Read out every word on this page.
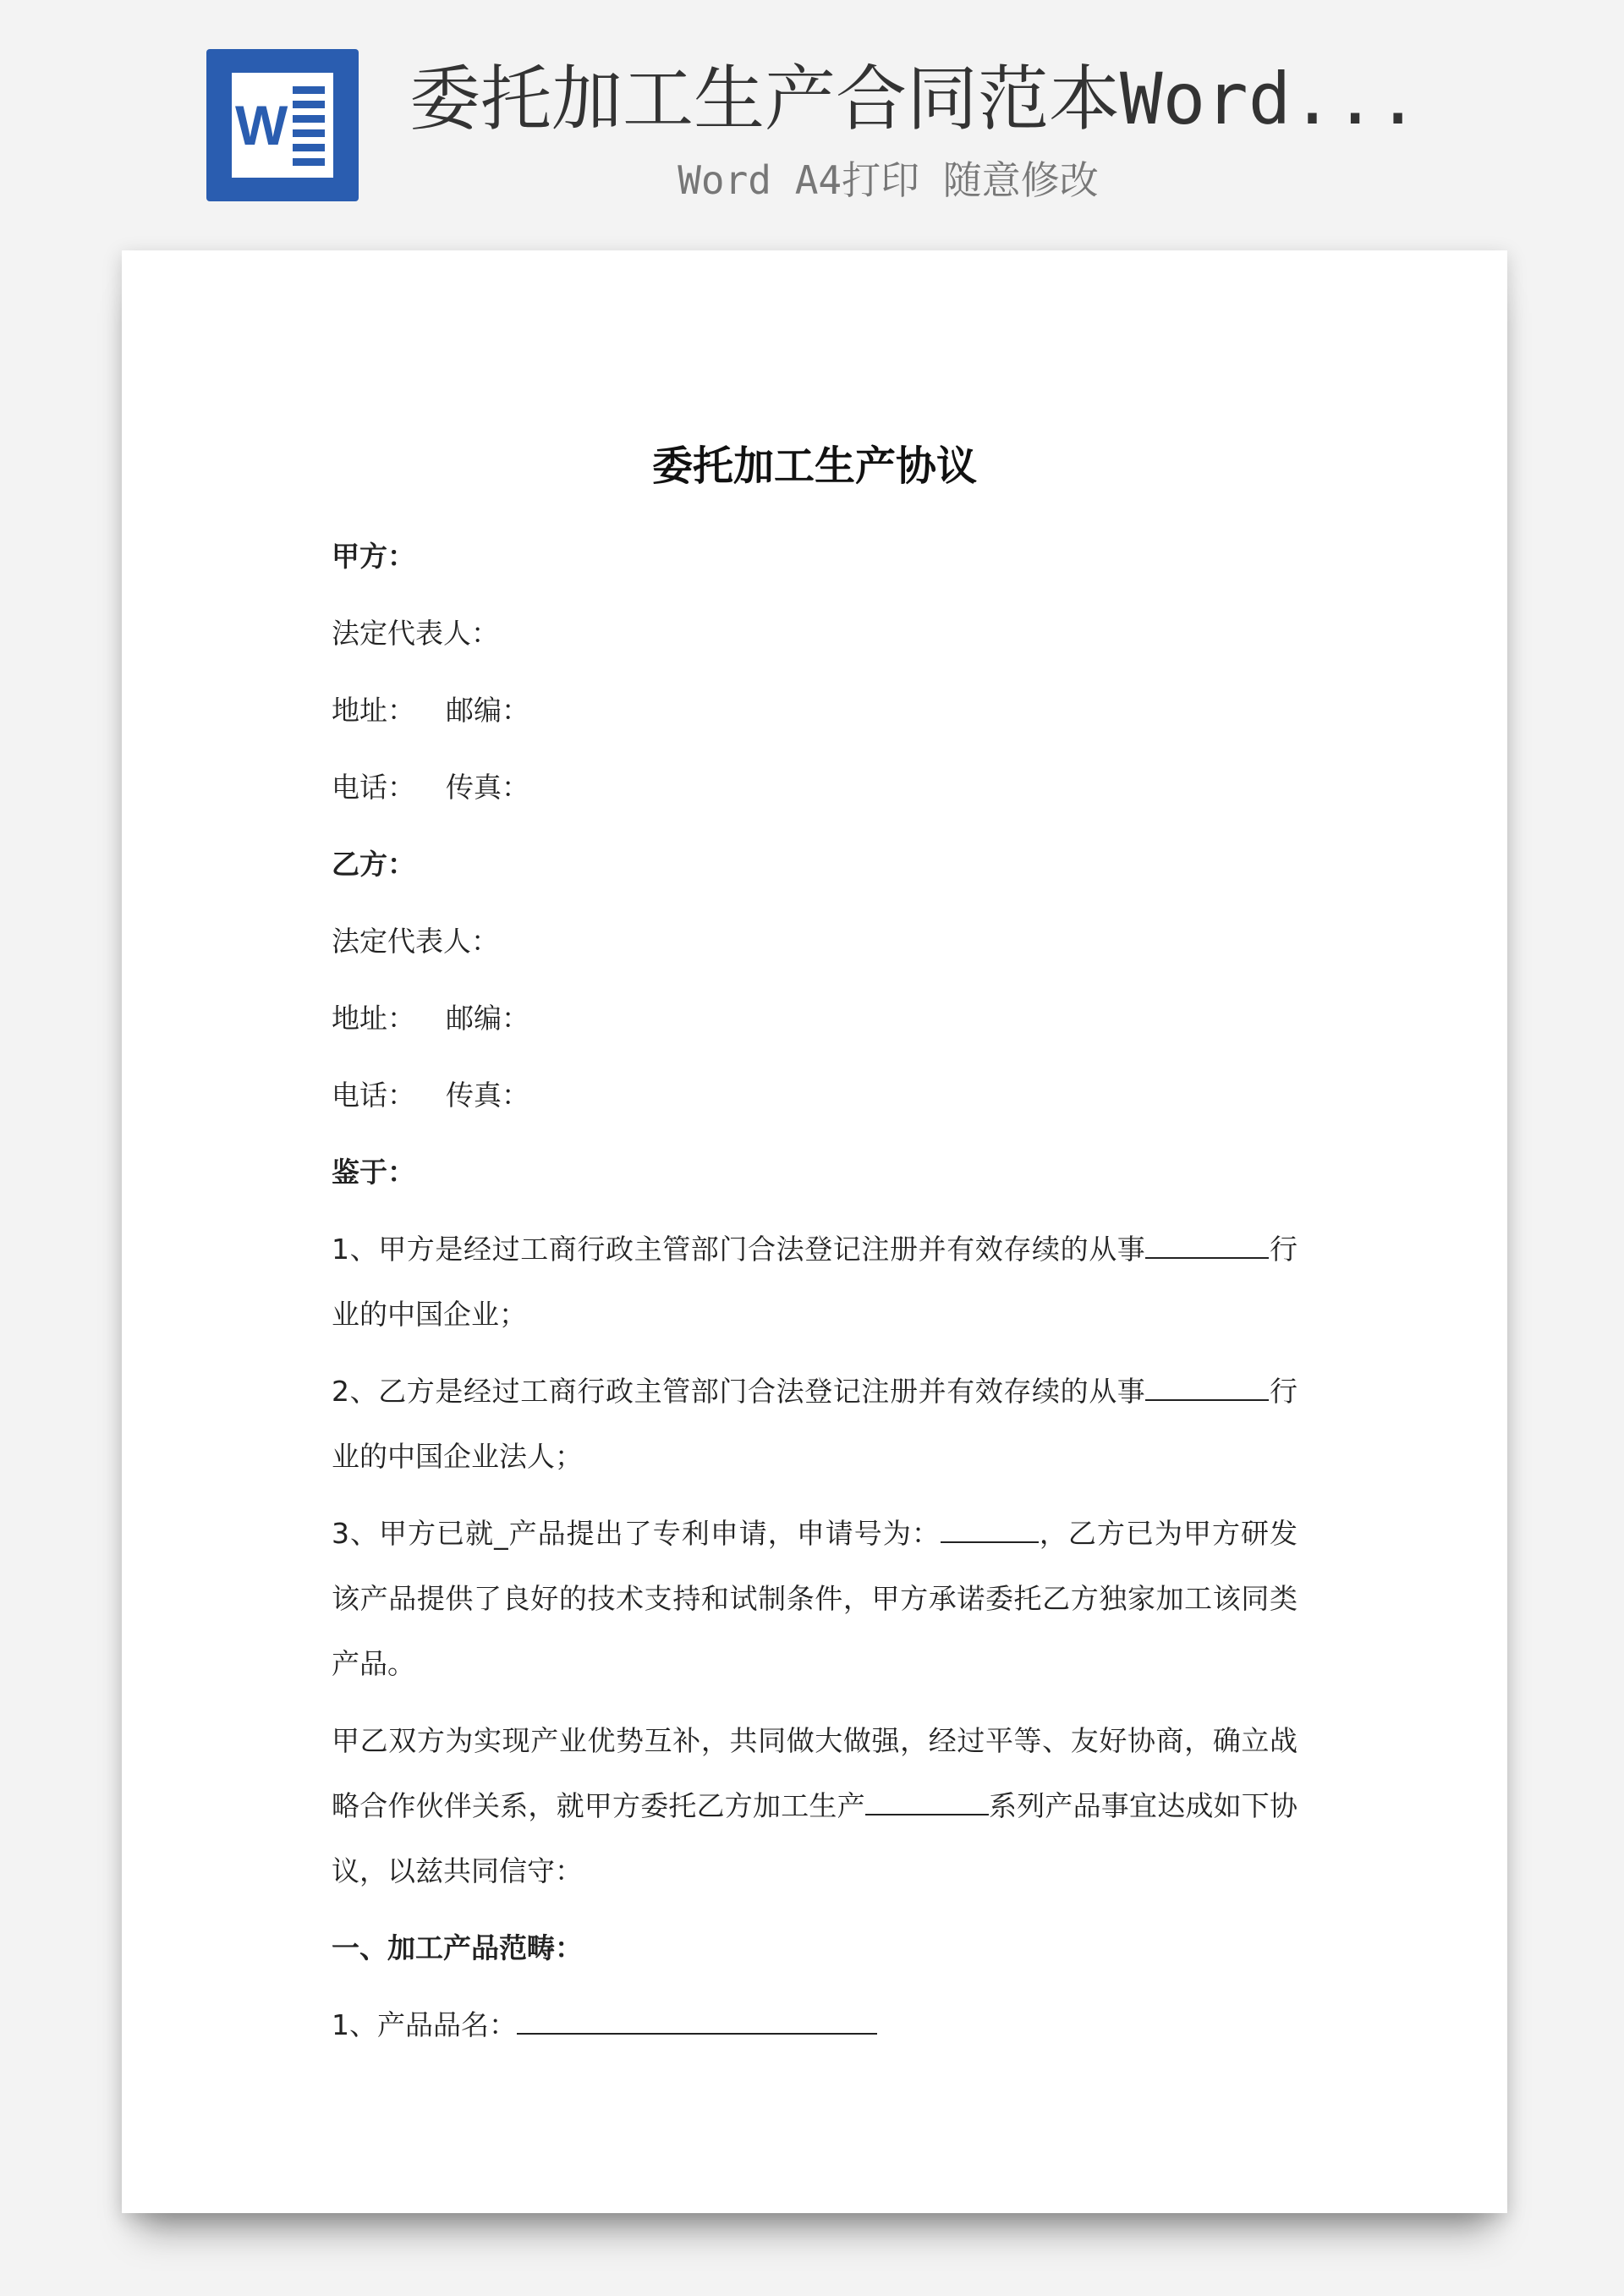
W 委托加工生产合同范本Word...
Word A4打印 随意修改
委托加工生产协议
甲方：
法定代表人：
地址： 邮编：
电话： 传真：
乙方：
法定代表人：
地址： 邮编：
电话： 传真：
鉴于：
1、甲方是经过工商行政主管部门合法登记注册并有效存续的从事	行业的中国企业；
2、乙方是经过工商行政主管部门合法登记注册并有效存续的从事	行业的中国企业法人；
3、甲方已就_产品提出了专利申请，申请号为：	，乙方已为甲方研发该产品提供了良好的技术支持和试制条件，甲方承诺委托乙方独家加工该同类产品。
甲乙双方为实现产业优势互补，共同做大做强，经过平等、友好协商，确立战略合作伙伴关系，就甲方委托乙方加工生产	系列产品事宜达成如下协议，以兹共同信守：
一、加工产品范畴：
1、产品品名：
